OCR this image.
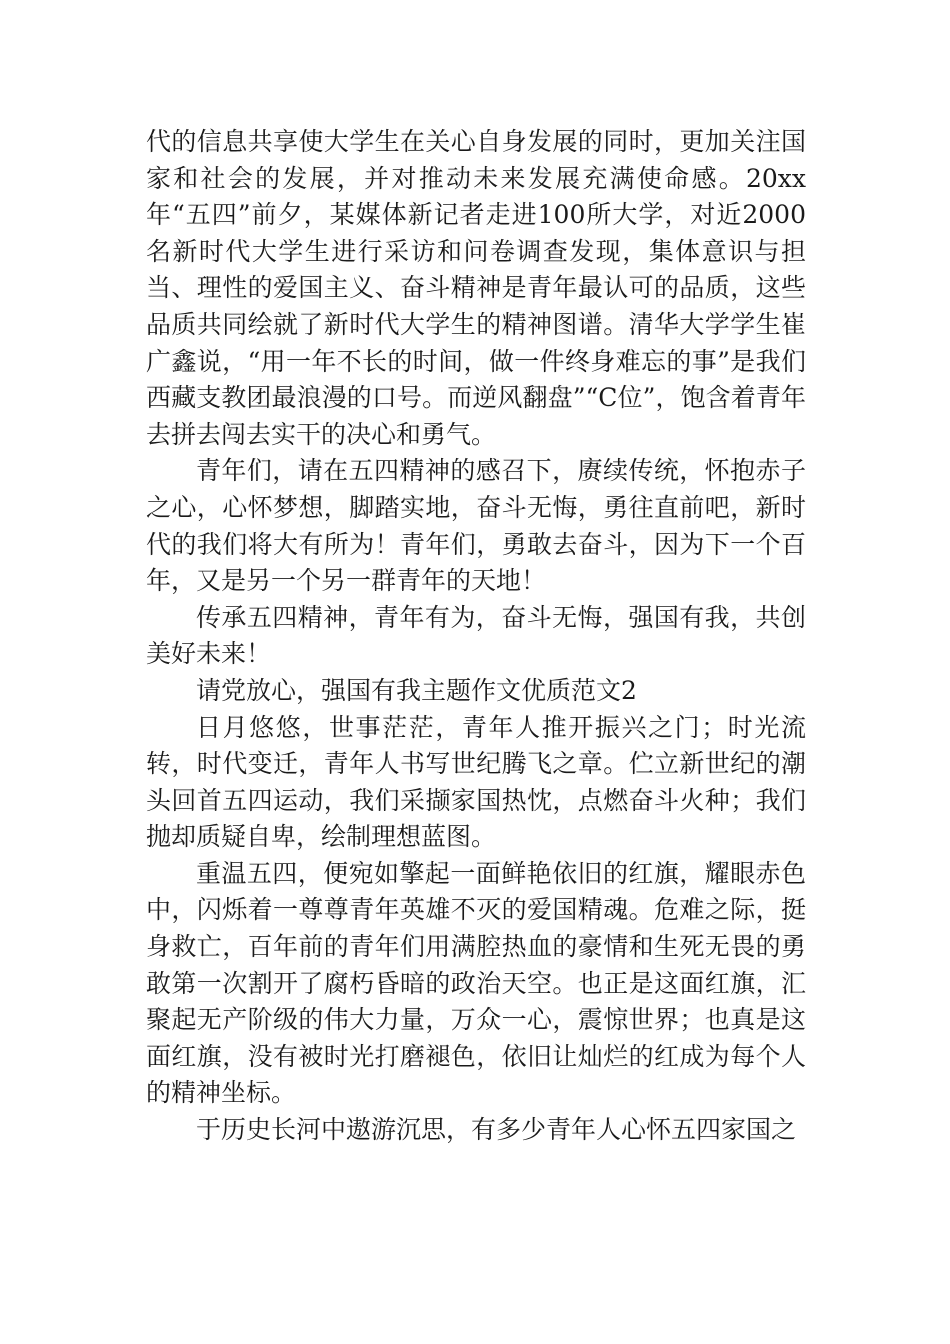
代的信息共享使大学生在关心自身发展的同时，更加关注国家和社会的发展，并对推动未来发展充满使命感。20xx年“五四”前夕，某媒体新记者走进100所大学，对近2000名新时代大学生进行采访和问卷调查发现，集体意识与担当、理性的爱国主义、奋斗精神是青年最认可的品质，这些品质共同绘就了新时代大学生的精神图谱。清华大学学生崔广鑫说，“用一年不长的时间，做一件终身难忘的事”是我们西藏支教团最浪漫的口号。而逆风翻盘”“C位”，饱含着青年去拼去闯去实干的决心和勇气。

青年们，请在五四精神的感召下，赓续传统，怀抱赤子之心，心怀梦想，脚踏实地，奋斗无悔，勇往直前吧，新时代的我们将大有所为！青年们，勇敢去奋斗，因为下一个百年，又是另一个另一群青年的天地！

传承五四精神，青年有为，奋斗无悔，强国有我，共创美好未来！

请党放心，强国有我主题作文优质范文2

日月悠悠，世事茫茫，青年人推开振兴之门；时光流转，时代变迁，青年人书写世纪腾飞之章。伫立新世纪的潮头回首五四运动，我们采撷家国热忱，点燃奋斗火种；我们抛却质疑自卑，绘制理想蓝图。

重温五四，便宛如擎起一面鲜艳依旧的红旗，耀眼赤色中，闪烁着一尊尊青年英雄不灭的爱国精魂。危难之际，挺身救亡，百年前的青年们用满腔热血的豪情和生死无畏的勇敢第一次割开了腐朽昏暗的政治天空。也正是这面红旗，汇聚起无产阶级的伟大力量，万众一心，震惊世界；也真是这面红旗，没有被时光打磨褪色，依旧让灿烂的红成为每个人的精神坐标。

于历史长河中遨游沉思，有多少青年人心怀五四家国之
